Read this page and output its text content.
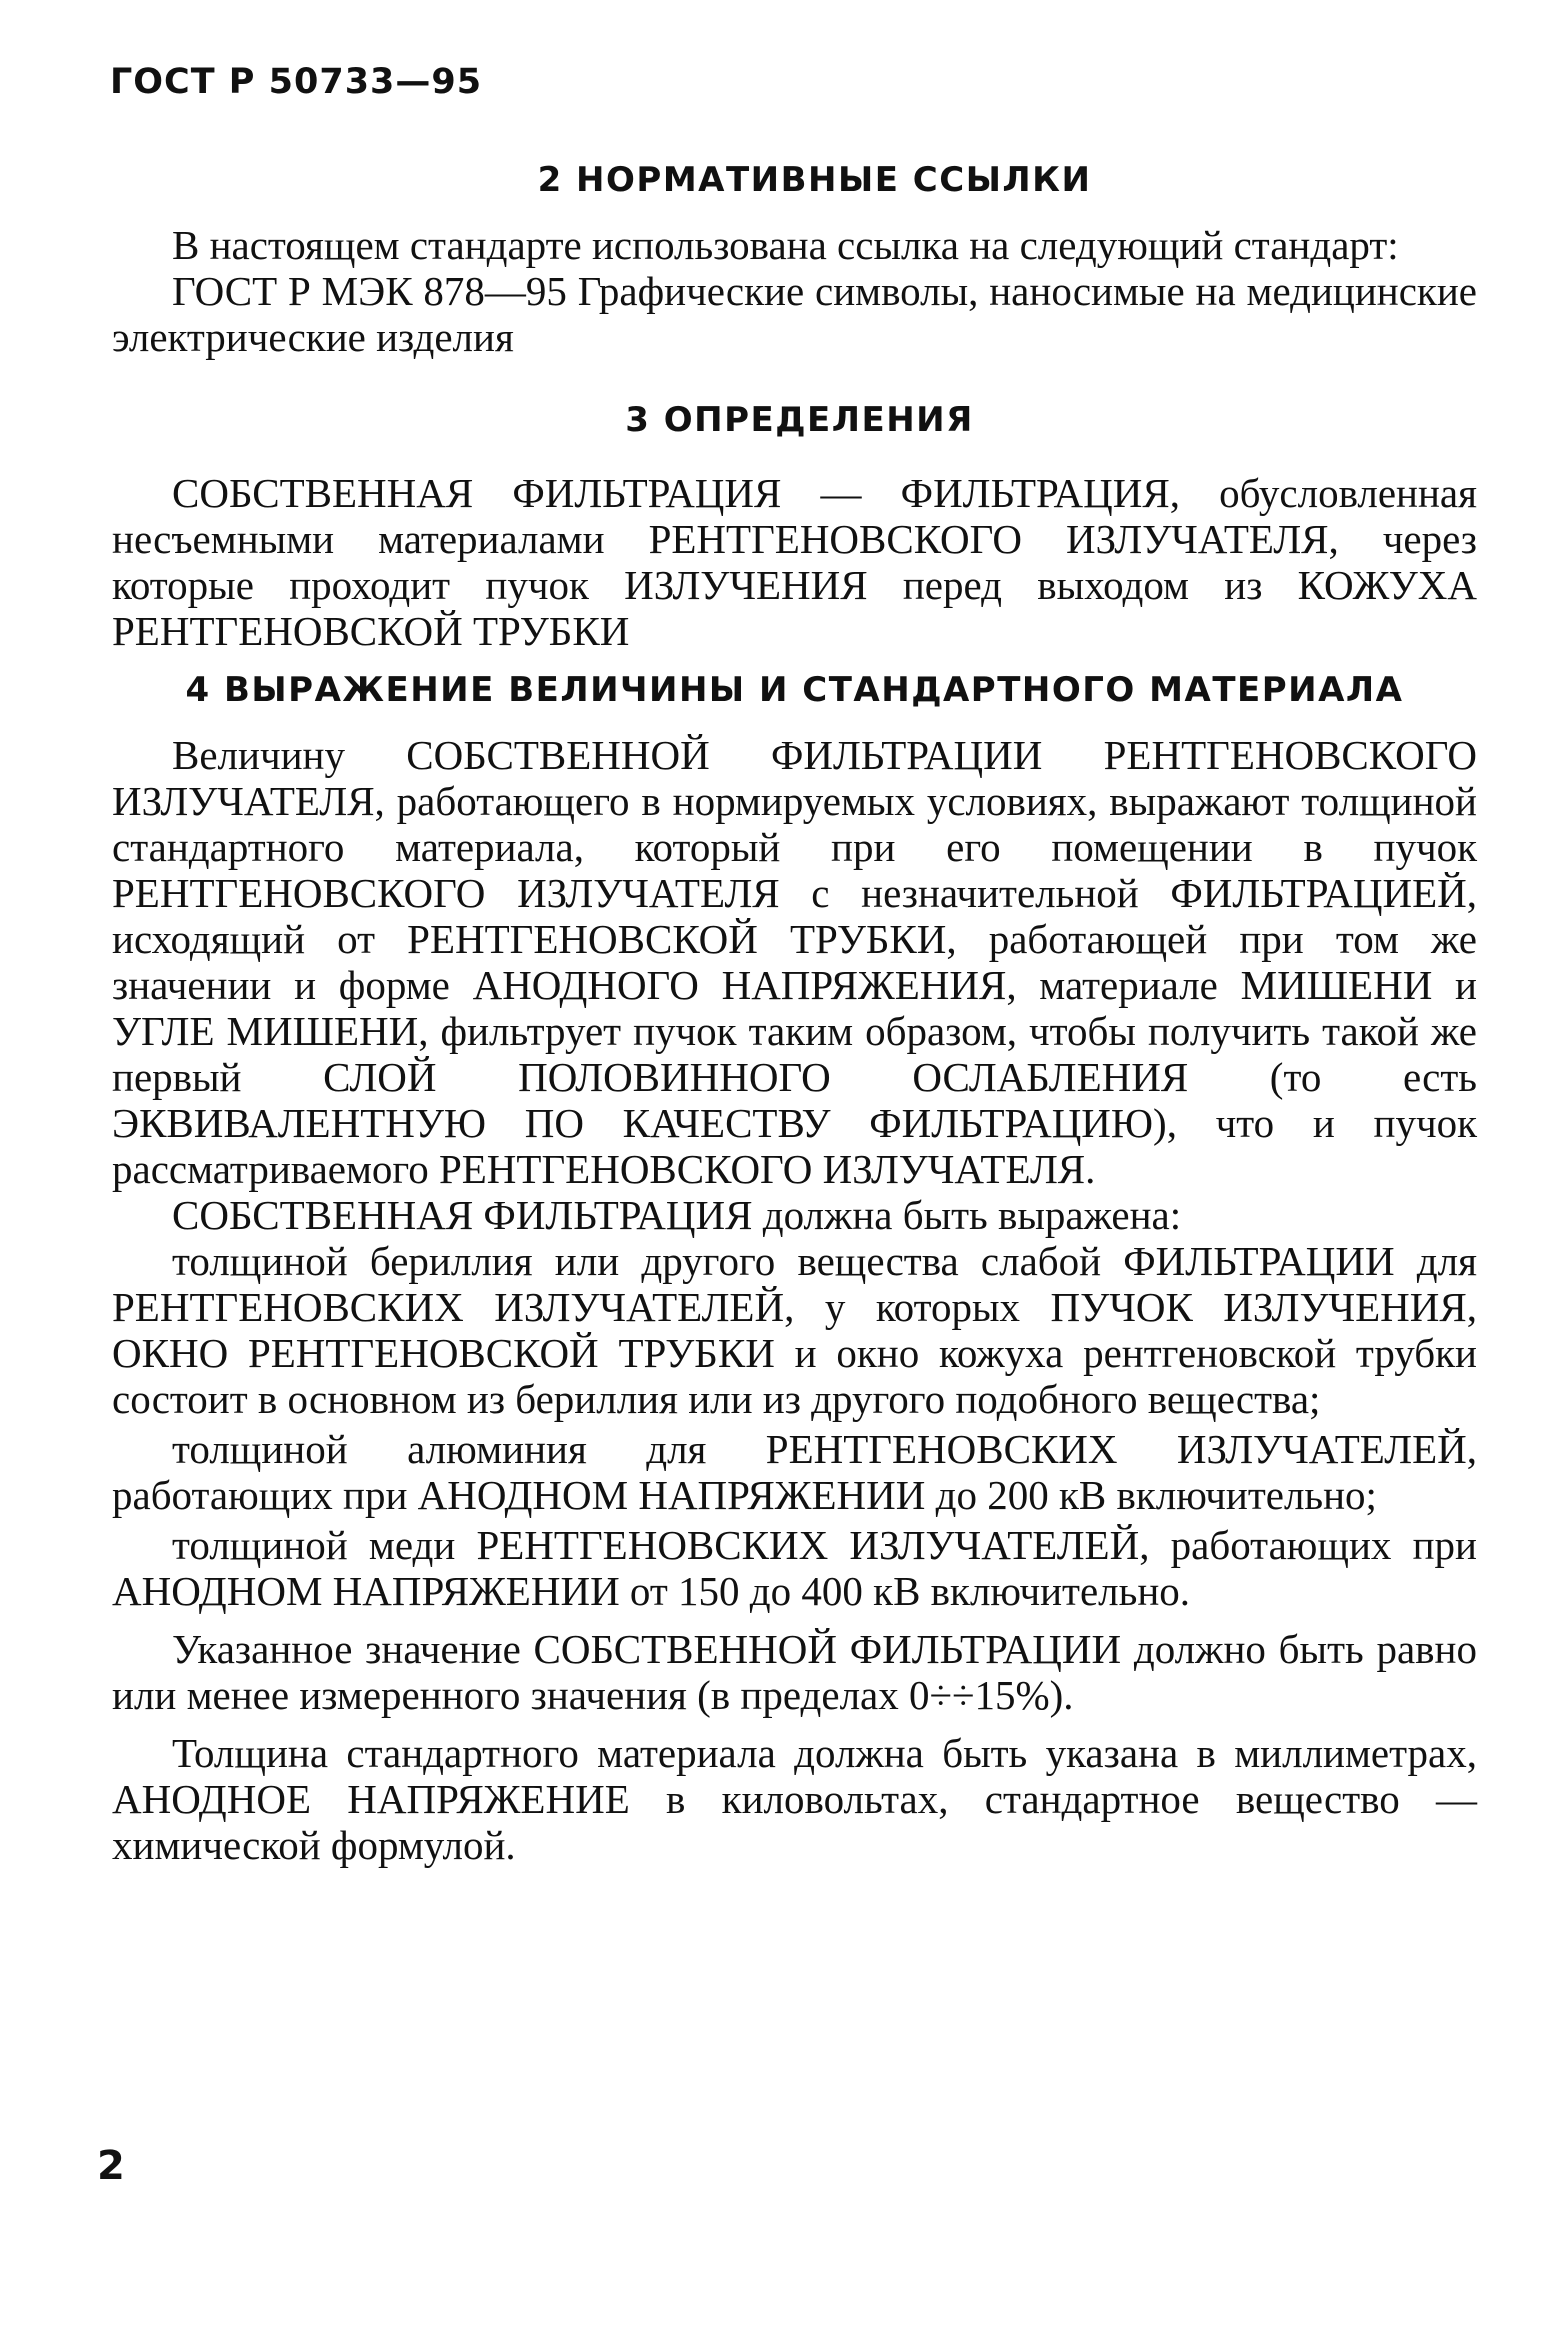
ГОСТ Р 50733—95
2 НОРМАТИВНЫЕ ССЫЛКИ

В настоящем стандарте использована ссылка на следующий стандарт:

ГОСТ Р МЭК 878—95 Графические символы, наносимые на медицинские электрические изделия

3 ОПРЕДЕЛЕНИЯ

СОБСТВЕННАЯ ФИЛЬТРАЦИЯ — ФИЛЬТРАЦИЯ, обусловленная несъемными материалами РЕНТГЕНОВСКОГО ИЗЛУЧАТЕЛЯ, через которые проходит пучок ИЗЛУЧЕНИЯ перед выходом из КОЖУХА РЕНТГЕНОВСКОЙ ТРУБКИ

4 ВЫРАЖЕНИЕ ВЕЛИЧИНЫ И СТАНДАРТНОГО МАТЕРИАЛА

Величину СОБСТВЕННОЙ ФИЛЬТРАЦИИ РЕНТГЕНОВСКОГО ИЗЛУЧАТЕЛЯ, работающего в нормируемых условиях, выражают толщиной стандартного материала, который при его помещении в пучок РЕНТГЕНОВСКОГО ИЗЛУЧАТЕЛЯ с незначительной ФИЛЬТРАЦИЕЙ, исходящий от РЕНТГЕНОВСКОЙ ТРУБКИ, работающей при том же значении и форме АНОДНОГО НАПРЯЖЕНИЯ, материале МИШЕНИ и УГЛЕ МИШЕНИ, фильтрует пучок таким образом, чтобы получить такой же первый СЛОЙ ПОЛОВИННОГО ОСЛАБЛЕНИЯ (то есть ЭКВИВАЛЕНТНУЮ ПО КАЧЕСТВУ ФИЛЬТРАЦИЮ), что и пучок рассматриваемого РЕНТГЕНОВСКОГО ИЗЛУЧАТЕЛЯ.

СОБСТВЕННАЯ ФИЛЬТРАЦИЯ должна быть выражена:

толщиной бериллия или другого вещества слабой ФИЛЬТРАЦИИ для РЕНТГЕНОВСКИХ ИЗЛУЧАТЕЛЕЙ, у которых ПУЧОК ИЗЛУЧЕНИЯ, ОКНО РЕНТГЕНОВСКОЙ ТРУБКИ и окно кожуха рентгеновской трубки состоит в основном из бериллия или из другого подобного вещества;

толщиной алюминия для РЕНТГЕНОВСКИХ ИЗЛУЧАТЕЛЕЙ, работающих при АНОДНОМ НАПРЯЖЕНИИ до 200 кВ включительно;

толщиной меди РЕНТГЕНОВСКИХ ИЗЛУЧАТЕЛЕЙ, работающих при АНОДНОМ НАПРЯЖЕНИИ от 150 до 400 кВ включительно.

Указанное значение СОБСТВЕННОЙ ФИЛЬТРАЦИИ должно быть равно или менее измеренного значения (в пределах 0÷÷15%).

Толщина стандартного материала должна быть указана в миллиметрах, АНОДНОЕ НАПРЯЖЕНИЕ в киловольтах, стандартное вещество — химической формулой.

2
